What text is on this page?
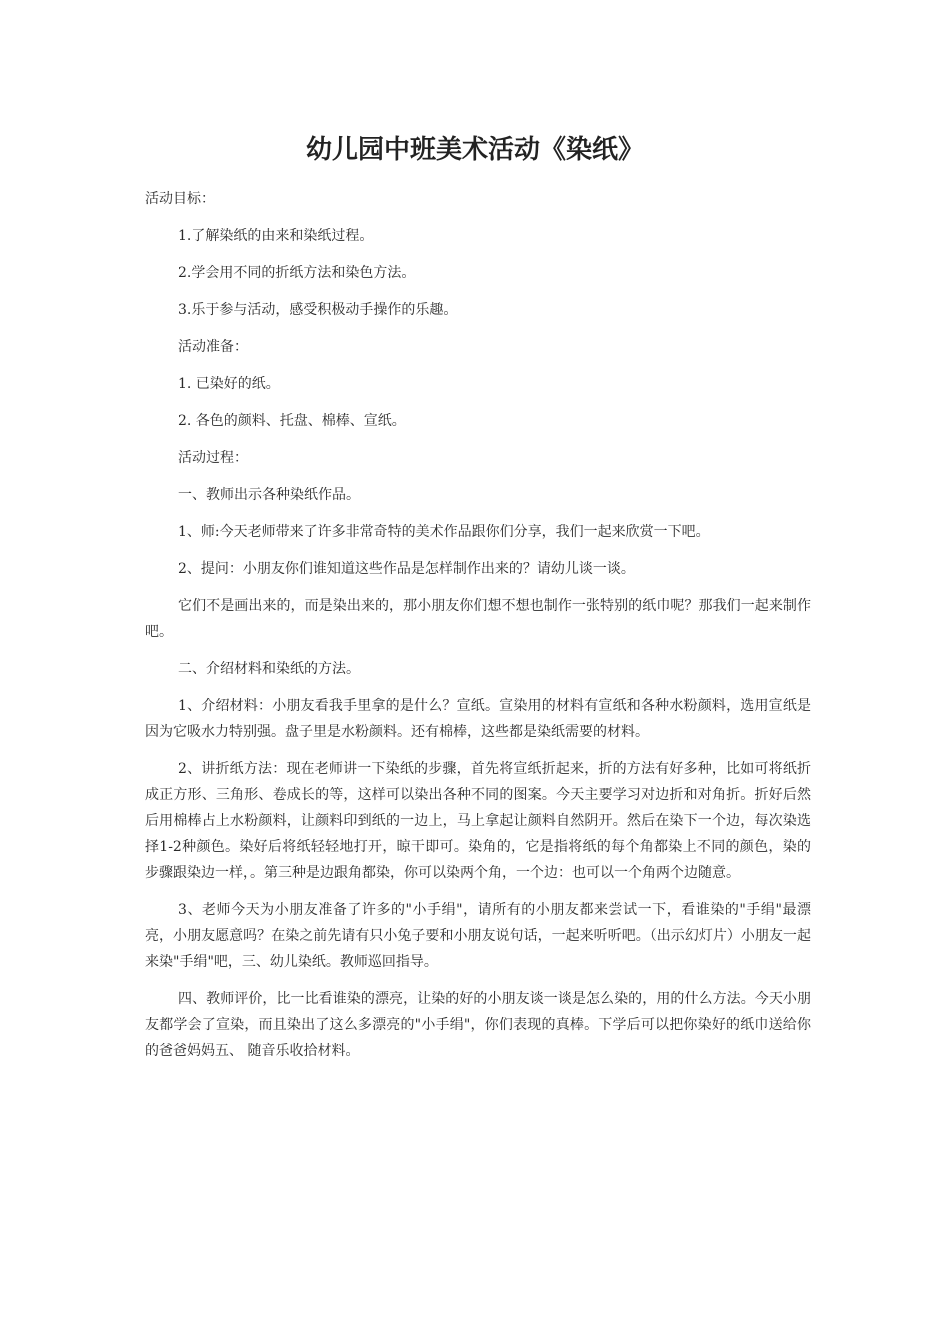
幼儿园中班美术活动《染纸》

活动目标：

1.了解染纸的由来和染纸过程。

2.学会用不同的折纸方法和染色方法。

3.乐于参与活动，感受积极动手操作的乐趣。

活动准备：

1. 已染好的纸。

2. 各色的颜料、托盘、棉棒、宣纸。

活动过程：

一、教师出示各种染纸作品。

1、师:今天老师带来了许多非常奇特的美术作品跟你们分享，我们一起来欣赏一下吧。

2、提问：小朋友你们谁知道这些作品是怎样制作出来的？请幼儿谈一谈。

它们不是画出来的，而是染出来的，那小朋友你们想不想也制作一张特别的纸巾呢？那我们一起来制作吧。

二、介绍材料和染纸的方法。

1、介绍材料：小朋友看我手里拿的是什么？宣纸。宣染用的材料有宣纸和各种水粉颜料，选用宣纸是因为它吸水力特别强。盘子里是水粉颜料。还有棉棒，这些都是染纸需要的材料。

2、讲折纸方法：现在老师讲一下染纸的步骤，首先将宣纸折起来，折的方法有好多种，比如可将纸折成正方形、三角形、卷成长的等，这样可以染出各种不同的图案。今天主要学习对边折和对角折。折好后然后用棉棒占上水粉颜料，让颜料印到纸的一边上，马上拿起让颜料自然阴开。然后在染下一个边，每次染选择1-2种颜色。染好后将纸轻轻地打开，晾干即可。染角的，它是指将纸的每个角都染上不同的颜色，染的步骤跟染边一样，。第三种是边跟角都染，你可以染两个角，一个边：也可以一个角两个边随意。

3、老师今天为小朋友准备了许多的"小手绢"，请所有的小朋友都来尝试一下，看谁染的"手绢"最漂亮，小朋友愿意吗？在染之前先请有只小兔子要和小朋友说句话，一起来听听吧。（出示幻灯片）小朋友一起来染"手绢"吧，三、幼儿染纸。教师巡回指导。

四、教师评价，比一比看谁染的漂亮，让染的好的小朋友谈一谈是怎么染的，用的什么方法。今天小朋友都学会了宣染，而且染出了这么多漂亮的"小手绢"，你们表现的真棒。下学后可以把你染好的纸巾送给你的爸爸妈妈五、 随音乐收拾材料。
